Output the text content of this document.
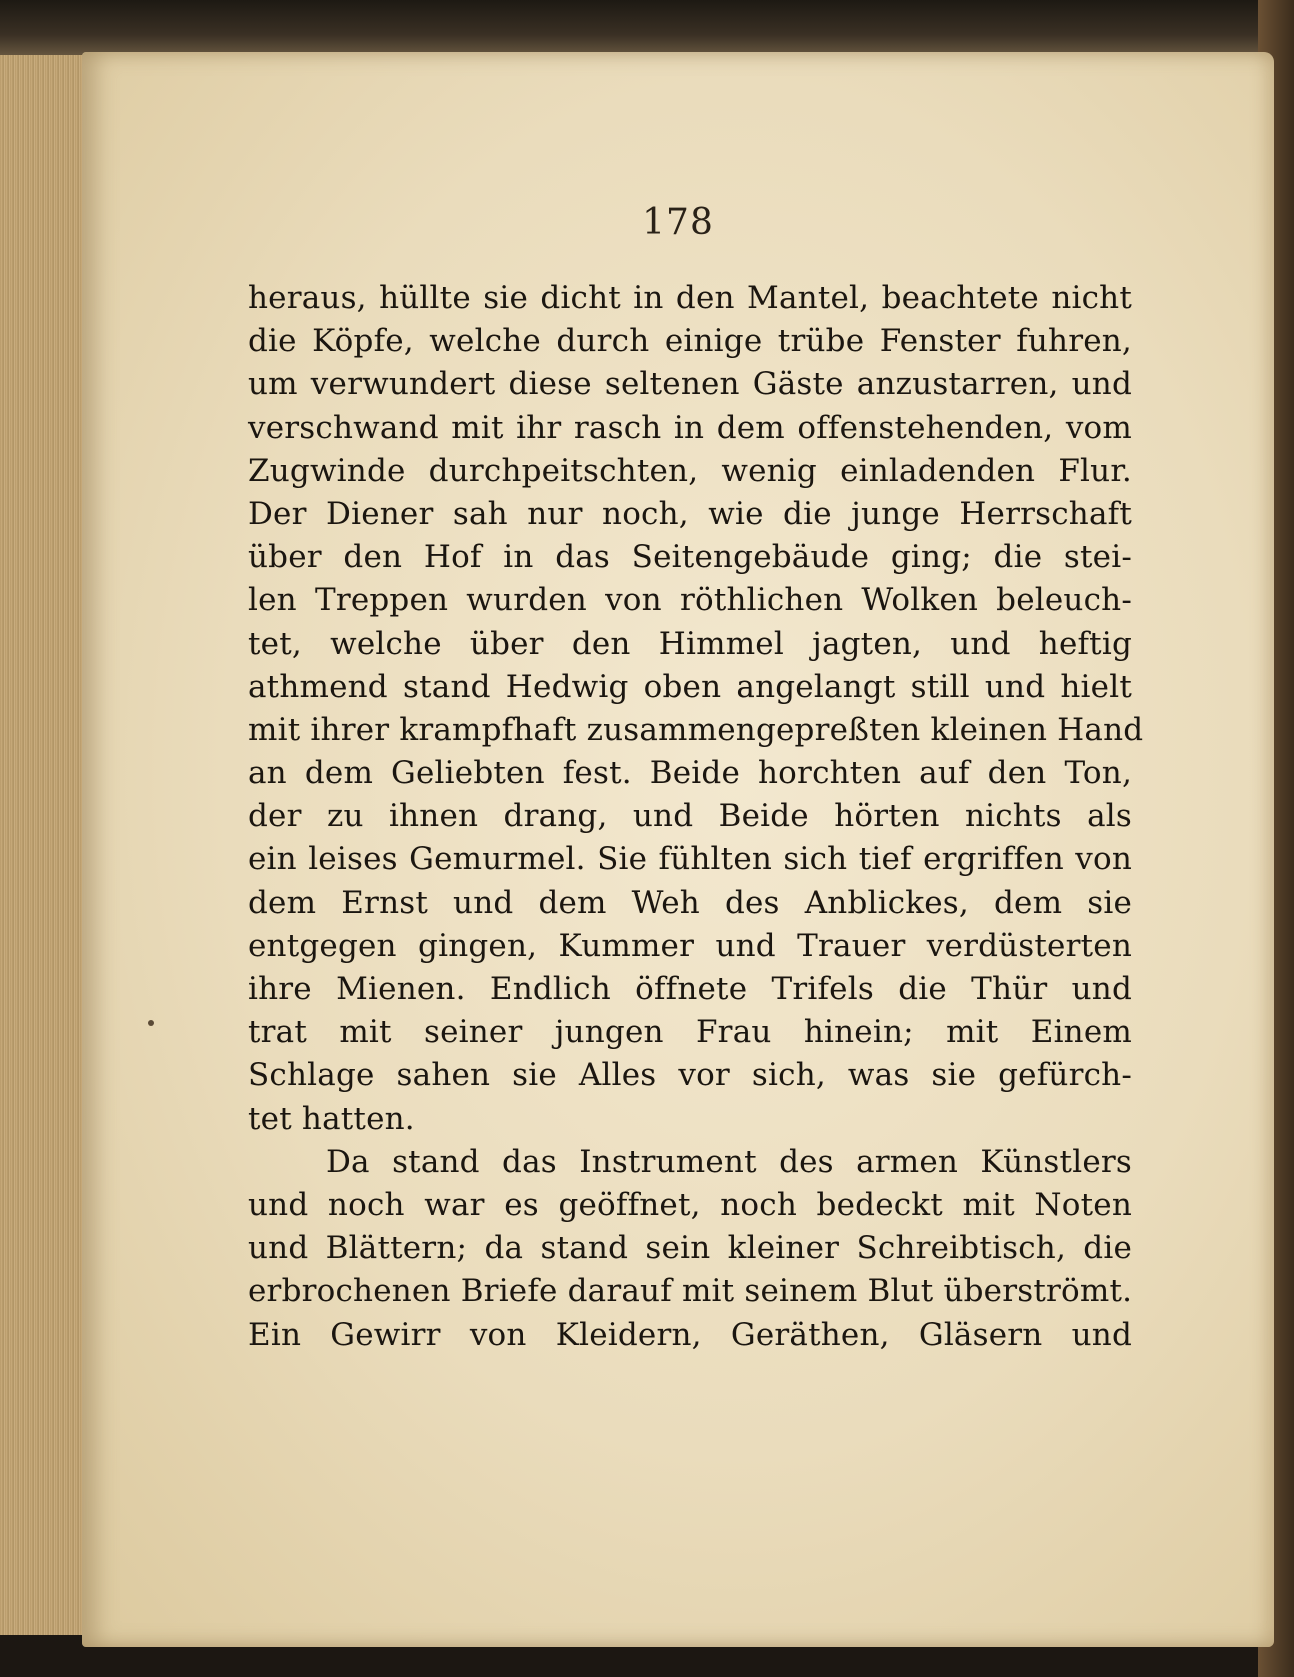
178
heraus, hüllte sie dicht in den Mantel, beachtete nicht
die Köpfe, welche durch einige trübe Fenster fuhren,
um verwundert diese seltenen Gäste anzustarren, und
verschwand mit ihr rasch in dem offenstehenden, vom
Zugwinde durchpeitschten, wenig einladenden Flur.
Der Diener sah nur noch, wie die junge Herrschaft
über den Hof in das Seitengebäude ging; die stei-
len Treppen wurden von röthlichen Wolken beleuch-
tet, welche über den Himmel jagten, und heftig
athmend stand Hedwig oben angelangt still und hielt
mit ihrer krampfhaft zusammengepreßten kleinen Hand
an dem Geliebten fest. Beide horchten auf den Ton,
der zu ihnen drang, und Beide hörten nichts als
ein leises Gemurmel. Sie fühlten sich tief ergriffen von
dem Ernst und dem Weh des Anblickes, dem sie
entgegen gingen, Kummer und Trauer verdüsterten
ihre Mienen. Endlich öffnete Trifels die Thür und
trat mit seiner jungen Frau hinein; mit Einem
Schlage sahen sie Alles vor sich, was sie gefürch-
tet hatten.
Da stand das Instrument des armen Künstlers
und noch war es geöffnet, noch bedeckt mit Noten
und Blättern; da stand sein kleiner Schreibtisch, die
erbrochenen Briefe darauf mit seinem Blut überströmt.
Ein Gewirr von Kleidern, Geräthen, Gläsern und
